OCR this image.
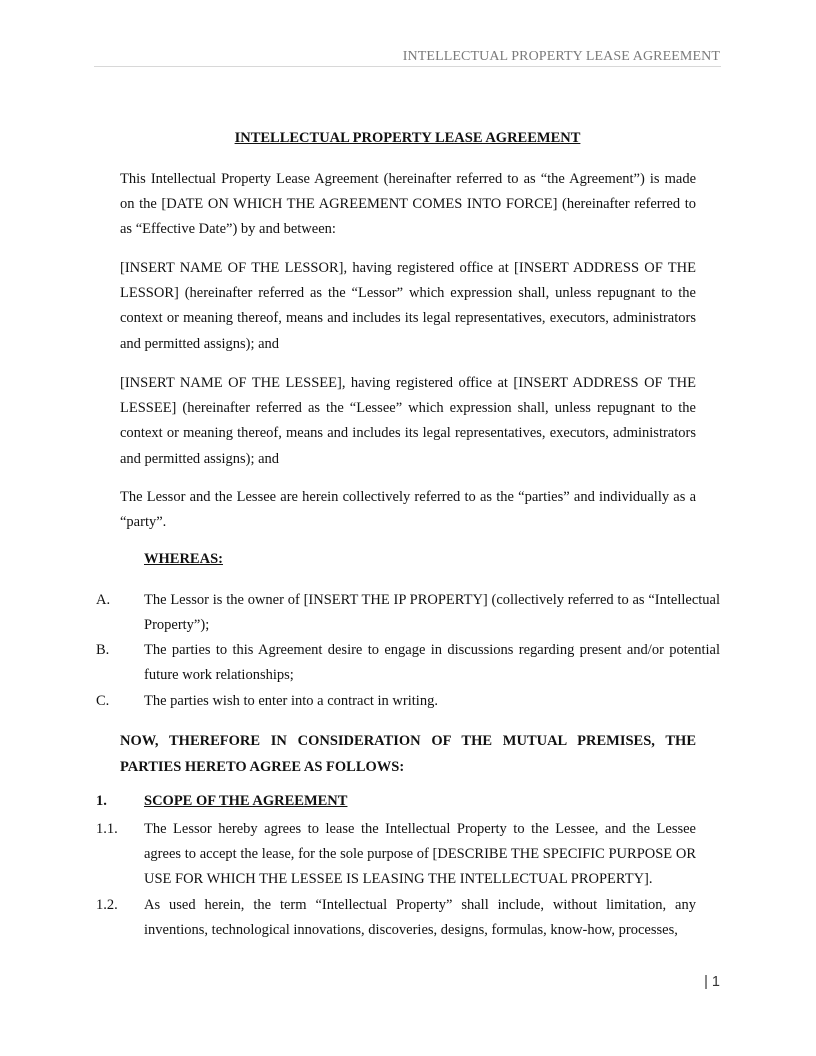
INTELLECTUAL PROPERTY LEASE AGREEMENT
INTELLECTUAL PROPERTY LEASE AGREEMENT
This Intellectual Property Lease Agreement (hereinafter referred to as “the Agreement”) is made on the [DATE ON WHICH THE AGREEMENT COMES INTO FORCE] (hereinafter referred to as “Effective Date”) by and between:
[INSERT NAME OF THE LESSOR], having registered office at [INSERT ADDRESS OF THE LESSOR] (hereinafter referred as the “Lessor” which expression shall, unless repugnant to the context or meaning thereof, means and includes its legal representatives, executors, administrators and permitted assigns); and
[INSERT NAME OF THE LESSEE], having registered office at [INSERT ADDRESS OF THE LESSEE] (hereinafter referred as the “Lessee” which expression shall, unless repugnant to the context or meaning thereof, means and includes its legal representatives, executors, administrators and permitted assigns); and
The Lessor and the Lessee are herein collectively referred to as the “parties” and individually as a “party”.
WHEREAS:
A. The Lessor is the owner of [INSERT THE IP PROPERTY] (collectively referred to as “Intellectual Property”);
B. The parties to this Agreement desire to engage in discussions regarding present and/or potential future work relationships;
C. The parties wish to enter into a contract in writing.
NOW, THEREFORE IN CONSIDERATION OF THE MUTUAL PREMISES, THE PARTIES HERETO AGREE AS FOLLOWS:
1.	SCOPE OF THE AGREEMENT
1.1. The Lessor hereby agrees to lease the Intellectual Property to the Lessee, and the Lessee agrees to accept the lease, for the sole purpose of [DESCRIBE THE SPECIFIC PURPOSE OR USE FOR WHICH THE LESSEE IS LEASING THE INTELLECTUAL PROPERTY].
1.2. As used herein, the term “Intellectual Property” shall include, without limitation, any inventions, technological innovations, discoveries, designs, formulas, know-how, processes,
| 1
